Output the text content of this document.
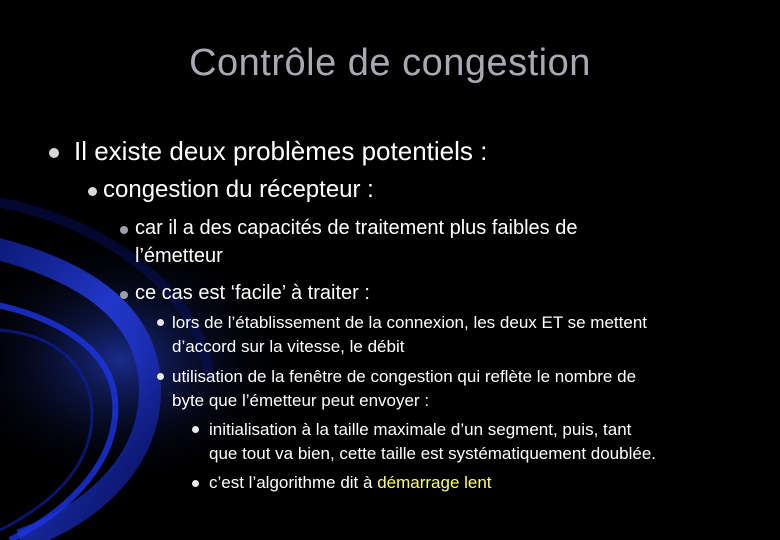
Contrôle de congestion
Il existe deux problèmes potentiels :
congestion du récepteur :
car il a des capacités de traitement plus faibles de
l’émetteur
ce cas est ‘facile’ à traiter :
lors de l’établissement de la connexion, les deux ET se mettent
d’accord sur la vitesse, le débit
utilisation de la fenêtre de congestion qui reflète le nombre de
byte que l’émetteur peut envoyer :
initialisation à la taille maximale d’un segment, puis, tant
que tout va bien, cette taille est systématiquement doublée.
c’est l’algorithme dit à démarrage lent
